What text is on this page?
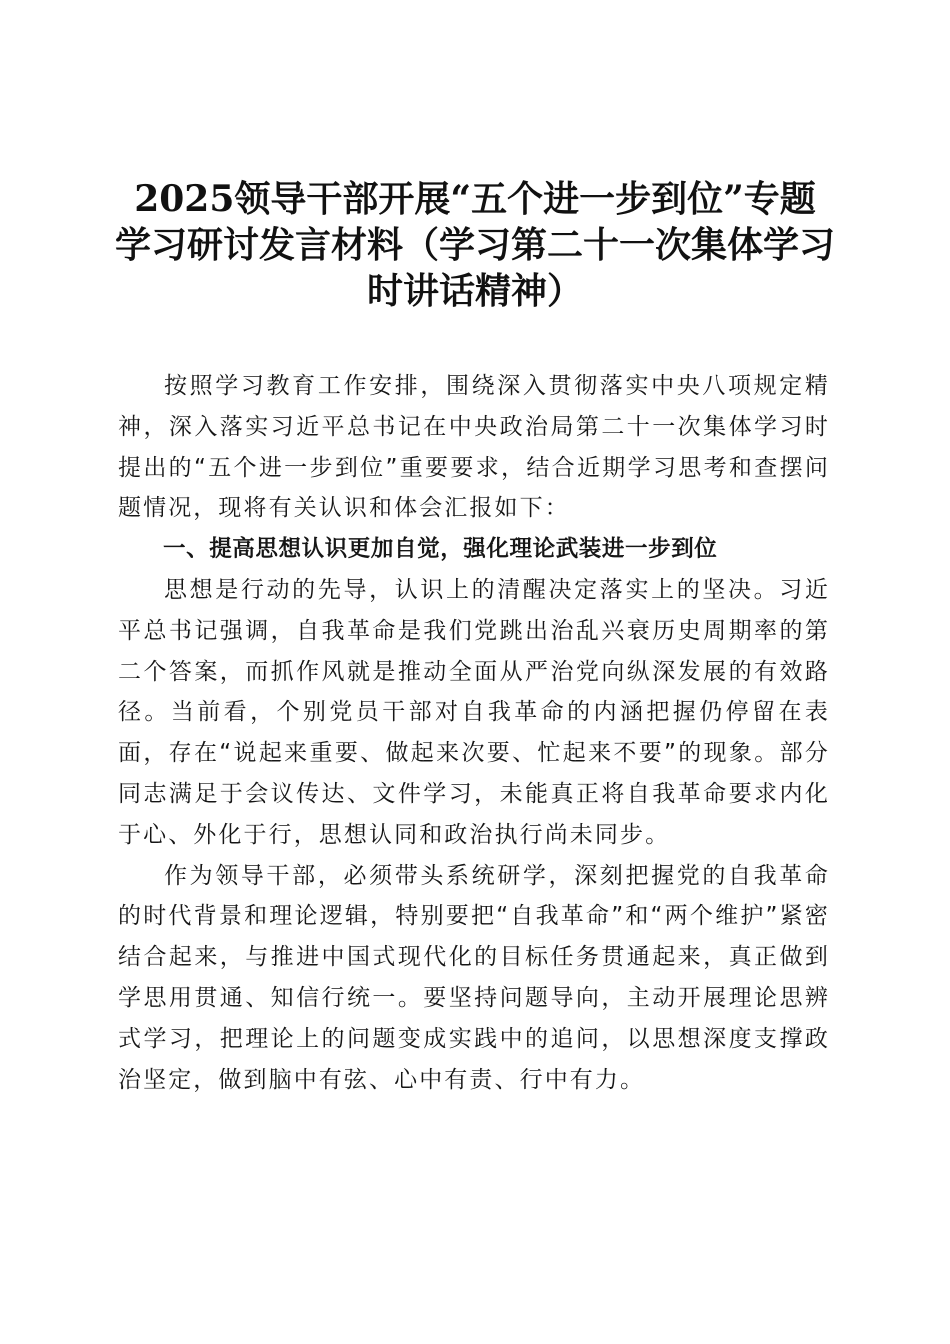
2025领导干部开展“五个进一步到位”专题
学习研讨发言材料（学习第二十一次集体学习
时讲话精神）

按照学习教育工作安排，围绕深入贯彻落实中央八项规定精神，深入落实习近平总书记在中央政治局第二十一次集体学习时提出的“五个进一步到位”重要要求，结合近期学习思考和查摆问题情况，现将有关认识和体会汇报如下：

一、提高思想认识更加自觉，强化理论武装进一步到位

思想是行动的先导，认识上的清醒决定落实上的坚决。习近平总书记强调，自我革命是我们党跳出治乱兴衰历史周期率的第二个答案，而抓作风就是推动全面从严治党向纵深发展的有效路径。当前看，个别党员干部对自我革命的内涵把握仍停留在表面，存在“说起来重要、做起来次要、忙起来不要”的现象。部分同志满足于会议传达、文件学习，未能真正将自我革命要求内化于心、外化于行，思想认同和政治执行尚未同步。

作为领导干部，必须带头系统研学，深刻把握党的自我革命的时代背景和理论逻辑，特别要把“自我革命”和“两个维护”紧密结合起来，与推进中国式现代化的目标任务贯通起来，真正做到学思用贯通、知信行统一。要坚持问题导向，主动开展理论思辨式学习，把理论上的问题变成实践中的追问，以思想深度支撑政治坚定，做到脑中有弦、心中有责、行中有力。
